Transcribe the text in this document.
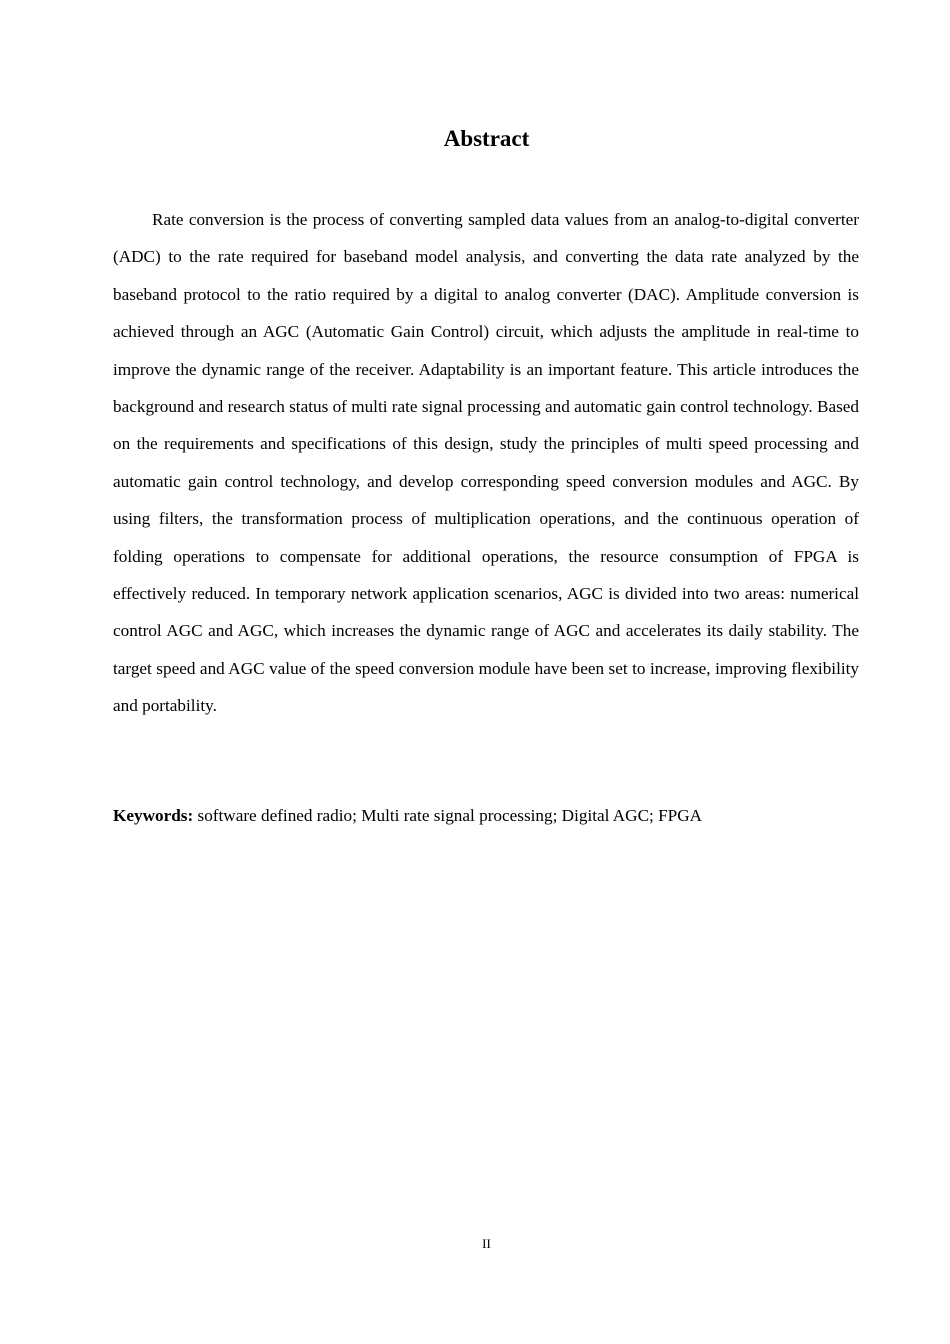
Abstract

Rate conversion is the process of converting sampled data values from an analog-to-digital converter (ADC) to the rate required for baseband model analysis, and converting the data rate analyzed by the baseband protocol to the ratio required by a digital to analog converter (DAC). Amplitude conversion is achieved through an AGC (Automatic Gain Control) circuit, which adjusts the amplitude in real-time to improve the dynamic range of the receiver. Adaptability is an important feature. This article introduces the background and research status of multi rate signal processing and automatic gain control technology. Based on the requirements and specifications of this design, study the principles of multi speed processing and automatic gain control technology, and develop corresponding speed conversion modules and AGC. By using filters, the transformation process of multiplication operations, and the continuous operation of folding operations to compensate for additional operations, the resource consumption of FPGA is effectively reduced. In temporary network application scenarios, AGC is divided into two areas: numerical control AGC and AGC, which increases the dynamic range of AGC and accelerates its daily stability. The target speed and AGC value of the speed conversion module have been set to increase, improving flexibility and portability.

Keywords: software defined radio; Multi rate signal processing; Digital AGC; FPGA

II
